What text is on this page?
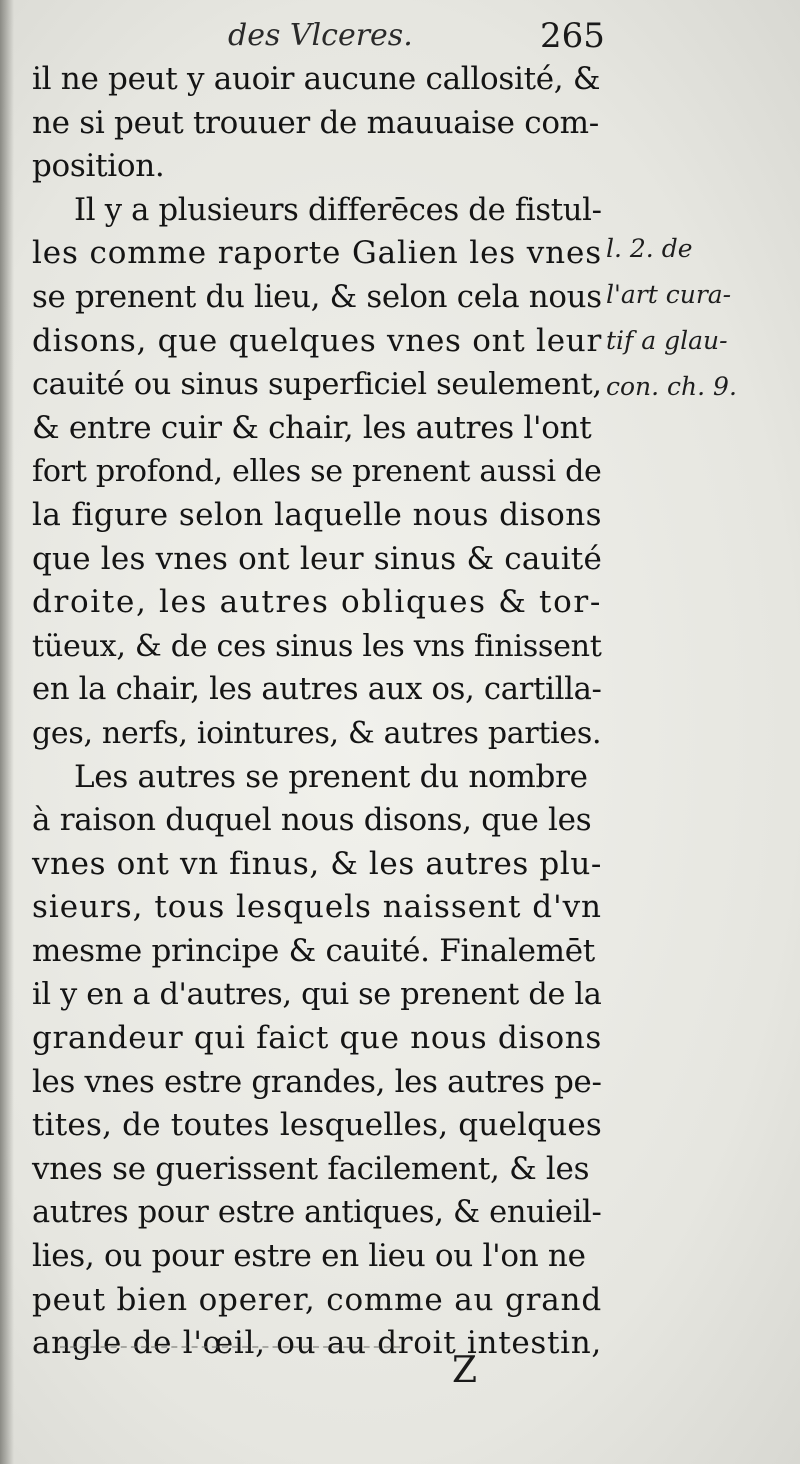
des Vlceres.	265
il ne peut y auoir aucune callosité, &
ne si peut trouuer de mauuaise com-
position.
Il y a plusieurs differēces de fistul-
les comme raporte Galien les vnes
se prenent du lieu, & selon cela nous
disons, que quelques vnes ont leur
cauité ou sinus superficiel seulement,
& entre cuir & chair, les autres l'ont
fort profond, elles se prenent aussi de
la figure selon laquelle nous disons
que les vnes ont leur sinus & cauité
droite, les autres obliques & tor-
tüeux, & de ces sinus les vns finissent
en la chair, les autres aux os, cartilla-
ges, nerfs, iointures, & autres parties.
Les autres se prenent du nombre
à raison duquel nous disons, que les
vnes ont vn finus, & les autres plu-
sieurs, tous lesquels naissent d'vn
mesme principe & cauité. Finalemēt
il y en a d'autres, qui se prenent de la
grandeur qui faict que nous disons
les vnes estre grandes, les autres pe-
tites, de toutes lesquelles, quelques
vnes se guerissent facilement, & les
autres pour estre antiques, & enuieil-
lies, ou pour estre en lieu ou l'on ne
peut bien operer, comme au grand
angle de l'œil, ou au droit intestin,
l. 2. de
l'art cura-
tif a glau-
con. ch. 9.
Z
